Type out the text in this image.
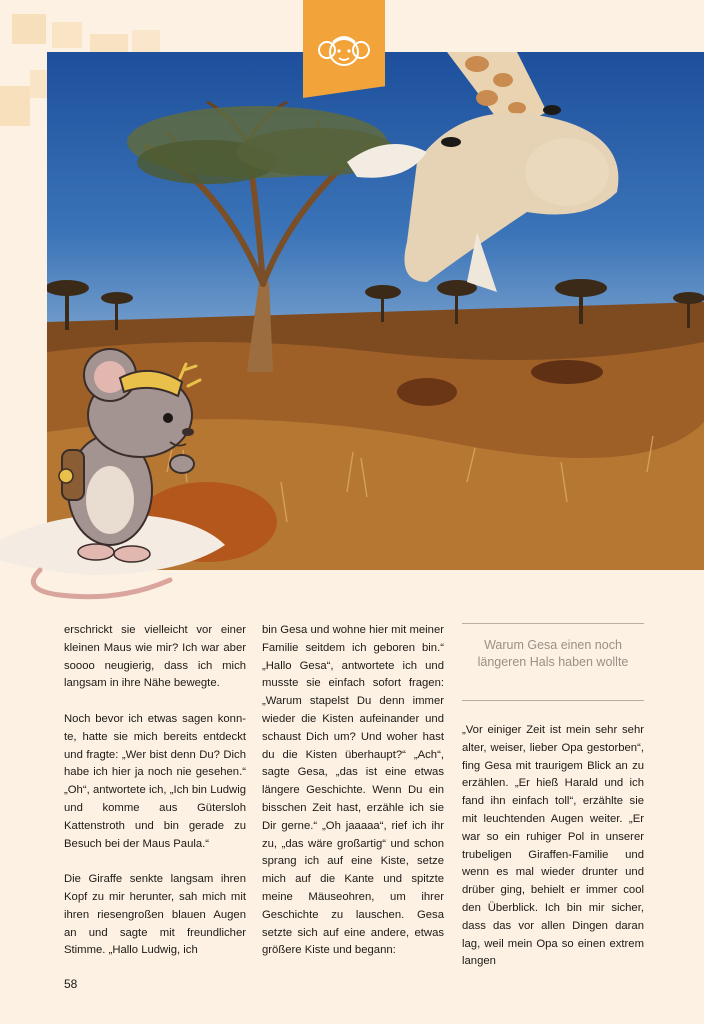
erschrickt sie vielleicht vor einer kleinen Maus wie mir? Ich war aber soooo neugierig, dass ich mich langsam in ihre Nähe bewegte.

Noch bevor ich etwas sagen konnte, hatte sie mich bereits entdeckt und fragte: „Wer bist denn Du? Dich habe ich hier ja noch nie gesehen.“ „Oh“, antwortete ich, „Ich bin Ludwig und komme aus Gütersloh Kattenstroth und bin gerade zu Besuch bei der Maus Paula.“

Die Giraffe senkte langsam ihren Kopf zu mir herunter, sah mich mit ihren riesengroßen blauen Augen an und sagte mit freundlicher Stimme. „Hallo Ludwig, ich

bin Gesa und wohne hier mit meiner Familie seitdem ich geboren bin.“ „Hallo Gesa“, antwortete ich und musste sie einfach sofort fragen: „Warum stapelst Du denn immer wieder die Kisten aufeinander und schaust Dich um? Und woher hast du die Kisten überhaupt?“ „Ach“, sagte Gesa, „das ist eine etwas längere Geschichte. Wenn Du ein bisschen Zeit hast, erzähle ich sie Dir gerne.“ „Oh jaaaaa“, rief ich ihr zu, „das wäre großartig“ und schon sprang ich auf eine Kiste, setze mich auf die Kante und spitzte meine Mäuseohren, um ihrer Geschichte zu lauschen. Gesa setzte sich auf eine andere, etwas größere Kiste und begann:

Warum Gesa einen noch längeren Hals haben wollte

„Vor einiger Zeit ist mein sehr sehr alter, weiser, lieber Opa gestorben“, fing Gesa mit traurigem Blick an zu erzählen. „Er hieß Harald und ich fand ihn einfach toll“, erzählte sie mit leuchtenden Augen weiter. „Er war so ein ruhiger Pol in unserer trubeligen Giraffen-Familie und wenn es mal wieder drunter und drüber ging, behielt er immer cool den Überblick. Ich bin mir sicher, dass das vor allen Dingen daran lag, weil mein Opa so einen extrem langen

58
